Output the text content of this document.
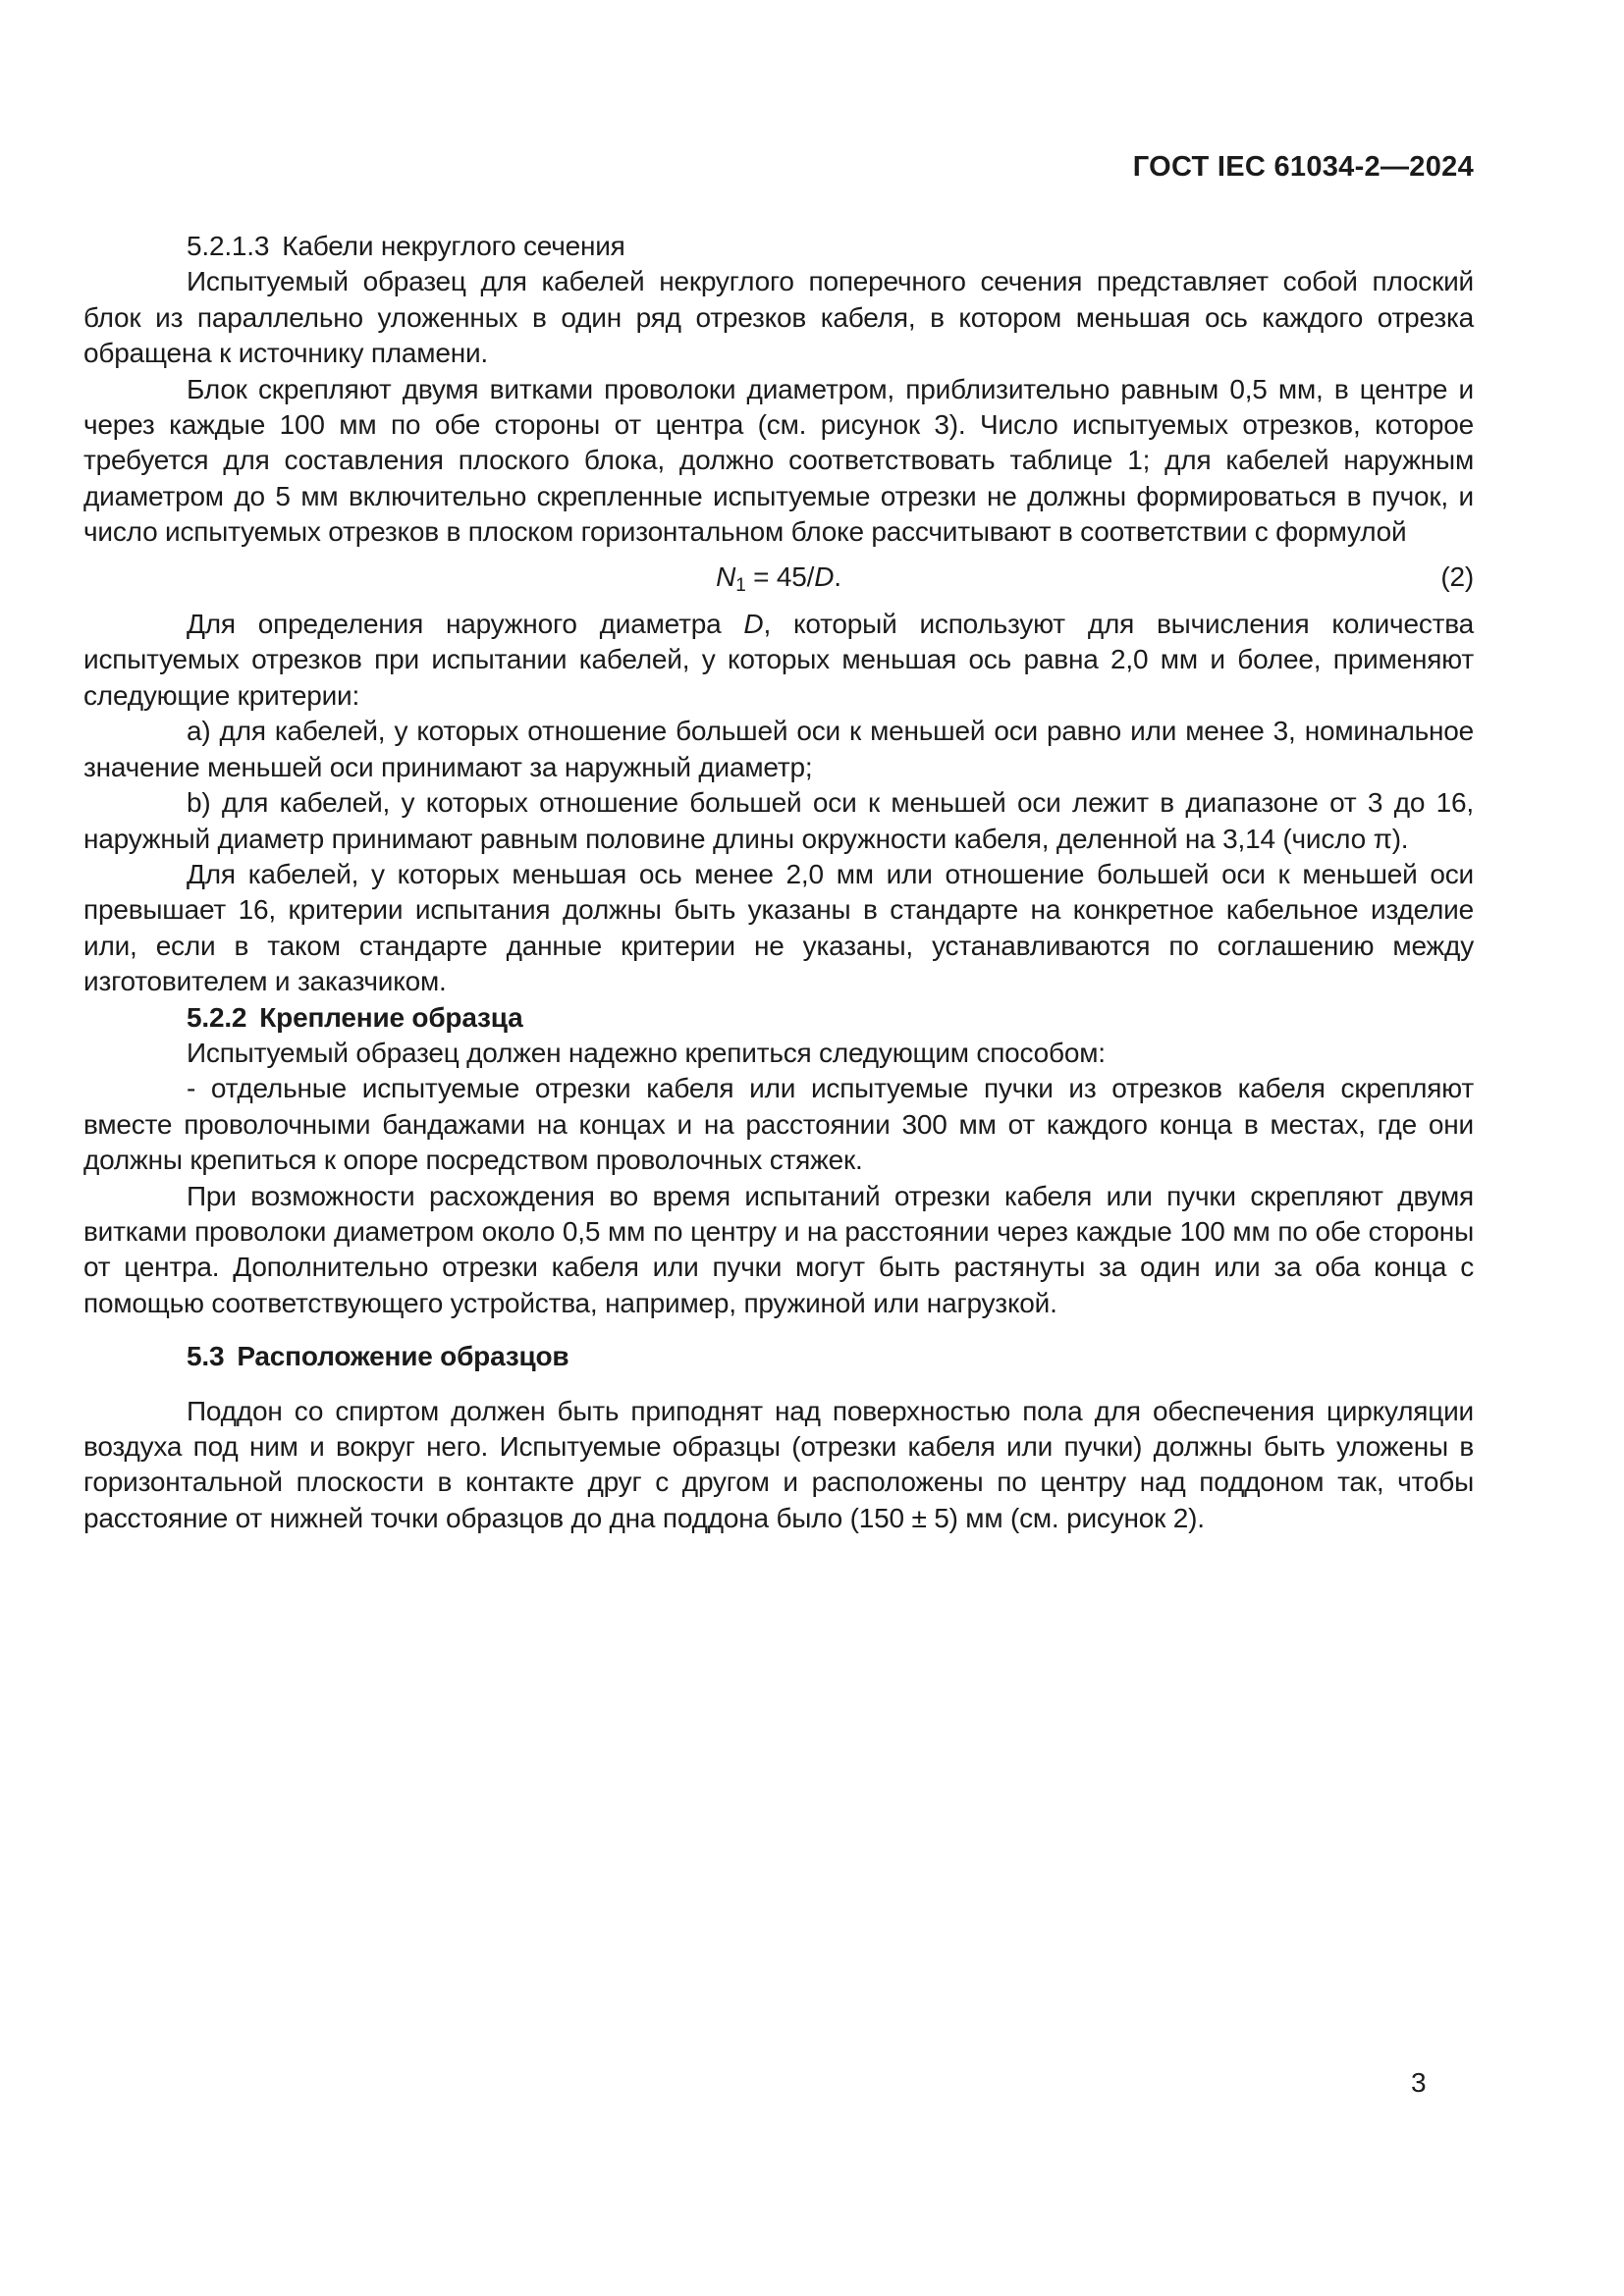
ГОСТ IEC 61034-2—2024

5.2.1.3 Кабели некруглого сечения

Испытуемый образец для кабелей некруглого поперечного сечения представляет собой плоский блок из параллельно уложенных в один ряд отрезков кабеля, в котором меньшая ось каждого отрезка обращена к источнику пламени.

Блок скрепляют двумя витками проволоки диаметром, приблизительно равным 0,5 мм, в центре и через каждые 100 мм по обе стороны от центра (см. рисунок 3). Число испытуемых отрезков, которое требуется для составления плоского блока, должно соответствовать таблице 1; для кабелей наружным диаметром до 5 мм включительно скрепленные испытуемые отрезки не должны формироваться в пучок, и число испытуемых отрезков в плоском горизонтальном блоке рассчитывают в соответствии с формулой

$N_1 = 45/D$.	(2)

Для определения наружного диаметра D, который используют для вычисления количества испытуемых отрезков при испытании кабелей, у которых меньшая ось равна 2,0 мм и более, применяют следующие критерии:

a) для кабелей, у которых отношение большей оси к меньшей оси равно или менее 3, номинальное значение меньшей оси принимают за наружный диаметр;

b) для кабелей, у которых отношение большей оси к меньшей оси лежит в диапазоне от 3 до 16, наружный диаметр принимают равным половине длины окружности кабеля, деленной на 3,14 (число π).

Для кабелей, у которых меньшая ось менее 2,0 мм или отношение большей оси к меньшей оси превышает 16, критерии испытания должны быть указаны в стандарте на конкретное кабельное изделие или, если в таком стандарте данные критерии не указаны, устанавливаются по соглашению между изготовителем и заказчиком.

5.2.2 Крепление образца

Испытуемый образец должен надежно крепиться следующим способом:

- отдельные испытуемые отрезки кабеля или испытуемые пучки из отрезков кабеля скрепляют вместе проволочными бандажами на концах и на расстоянии 300 мм от каждого конца в местах, где они должны крепиться к опоре посредством проволочных стяжек.

При возможности расхождения во время испытаний отрезки кабеля или пучки скрепляют двумя витками проволоки диаметром около 0,5 мм по центру и на расстоянии через каждые 100 мм по обе стороны от центра. Дополнительно отрезки кабеля или пучки могут быть растянуты за один или за оба конца с помощью соответствующего устройства, например, пружиной или нагрузкой.

5.3 Расположение образцов

Поддон со спиртом должен быть приподнят над поверхностью пола для обеспечения циркуляции воздуха под ним и вокруг него. Испытуемые образцы (отрезки кабеля или пучки) должны быть уложены в горизонтальной плоскости в контакте друг с другом и расположены по центру над поддоном так, чтобы расстояние от нижней точки образцов до дна поддона было (150 ± 5) мм (см. рисунок 2).

3
